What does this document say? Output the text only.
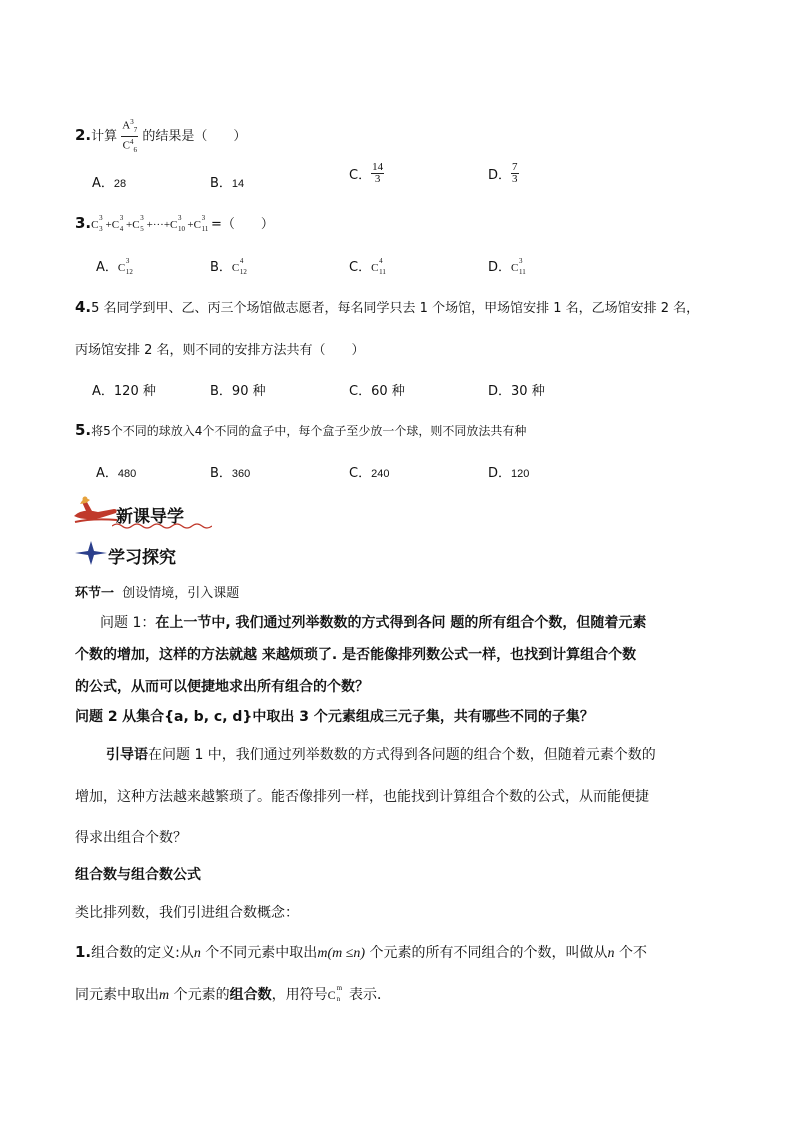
2.计算 $\frac{A^3_7}{C^4_6}$ 的结果是（　　）
A．28	B．14
C． $\frac{14}{3}$	D． $\frac{7}{3}$
3.C
3
3 +C
3
4 +C
3
5 +···+C
3
10 +C
3
11 =（　　）
A．C
3
12	B．C
4
12	C．C
4
11	D．C
3
11
4.5 名同学到甲、乙、丙三个场馆做志愿者，每名同学只去 1 个场馆，甲场馆安排 1 名，乙场馆安排 2 名，
丙场馆安排 2 名，则不同的安排方法共有（　　）
A．120 种	B．90 种	C．60 种	D．30 种
5.将5个不同的球放入4个不同的盒子中，每个盒子至少放一个球，则不同放法共有种
A．480	B．360	C．240	D．120
新课导学
学习探究
环节一 创设情境，引入课题
问题 1：在上一节中, 我们通过列举数数的方式得到各问 题的所有组合个数，但随着元素
个数的增加，这样的方法就越 来越烦琐了. 是否能像排列数公式一样，也找到计算组合个数
的公式，从而可以便捷地求出所有组合的个数？
问题 2 从集合{a, b, c, d}中取出 3 个元素组成三元子集，共有哪些不同的子集？
引导语在问题 1 中，我们通过列举数数的方式得到各问题的组合个数，但随着元素个数的
增加，这种方法越来越繁琐了。能否像排列一样，也能找到计算组合个数的公式，从而能便捷
得求出组合个数？
组合数与组合数公式
类比排列数，我们引进组合数概念：
1.组合数的定义:从n 个不同元素中取出m(m ≤n) 个元素的所有不同组合的个数，叫做从n 个不
同元素中取出m 个元素的组合数，用符号C m
n 表示．
